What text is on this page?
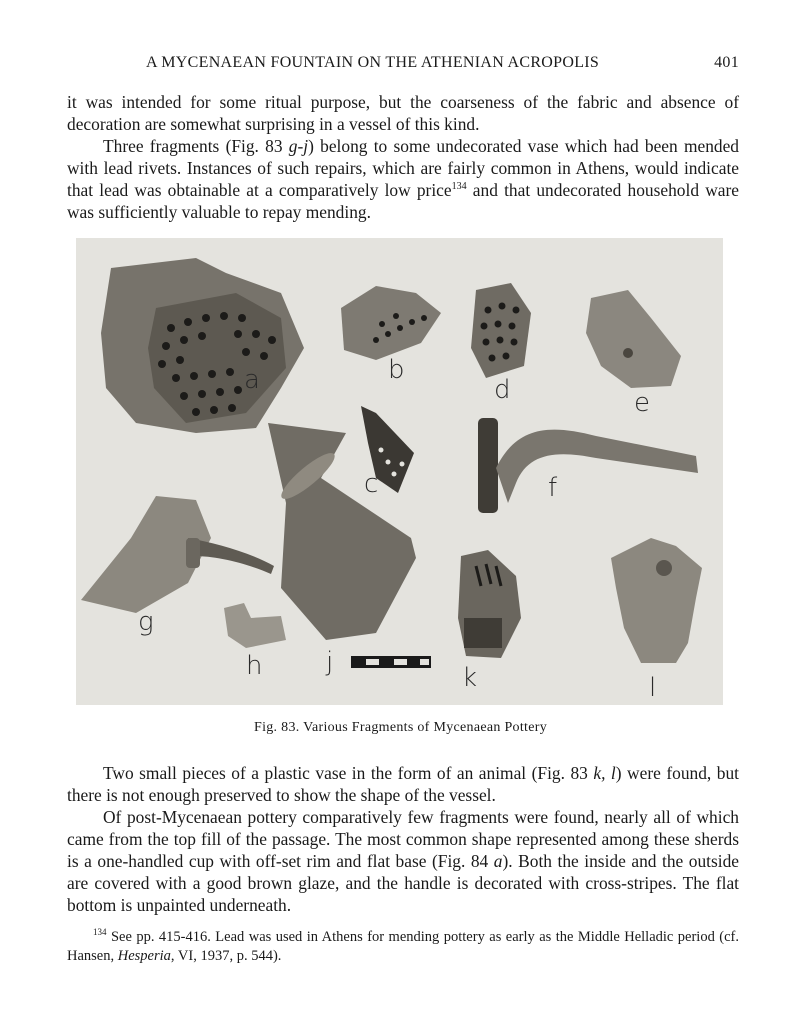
A MYCENAEAN FOUNTAIN ON THE ATHENIAN ACROPOLIS	401

it was intended for some ritual purpose, but the coarseness of the fabric and absence of decoration are somewhat surprising in a vessel of this kind.

Three fragments (Fig. 83 g-j) belong to some undecorated vase which had been mended with lead rivets. Instances of such repairs, which are fairly common in Athens, would indicate that lead was obtainable at a comparatively low price$^{134}$ and that undecorated household ware was sufficiently valuable to repay mending.

a	b
c
d	e
f
g
h j
k	l
Fig. 83. Various Fragments of Mycenaean Pottery

Two small pieces of a plastic vase in the form of an animal (Fig. 83 k, l) were found, but there is not enough preserved to show the shape of the vessel.

Of post-Mycenaean pottery comparatively few fragments were found, nearly all of which came from the top fill of the passage. The most common shape represented among these sherds is a one-handled cup with off-set rim and flat base (Fig. 84 a). Both the inside and the outside are covered with a good brown glaze, and the handle is decorated with cross-stripes. The flat bottom is unpainted underneath.

$^{134}$ See pp. 415-416. Lead was used in Athens for mending pottery as early as the Middle Helladic period (cf. Hansen, Hesperia, VI, 1937, p. 544).
